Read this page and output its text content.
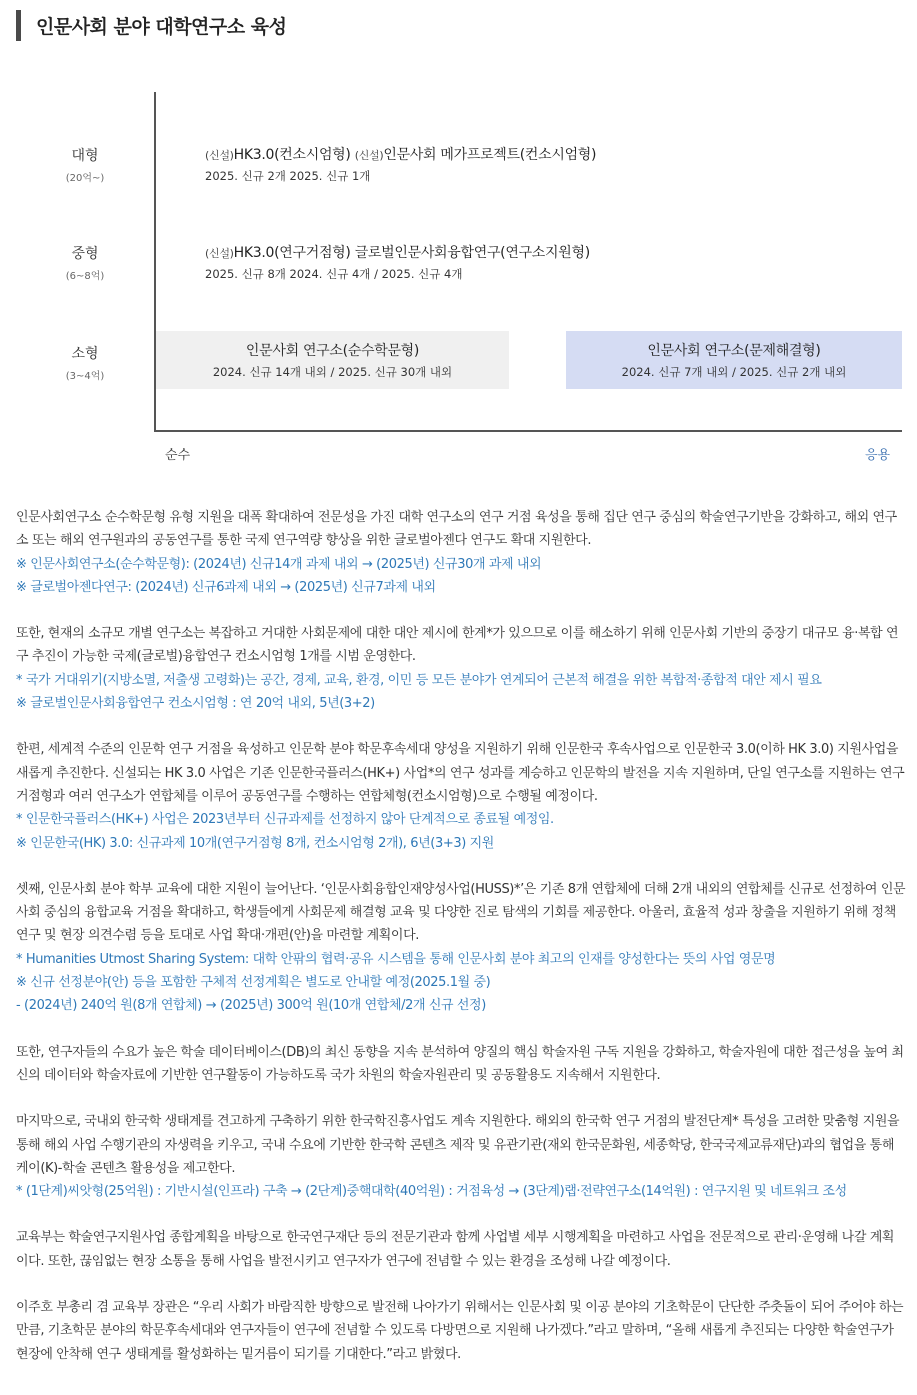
인문사회 분야 대학연구소 육성
대형
(20억~)
중형
(6~8억)
소형
(3~4억)
(신설)HK3.0(컨소시엄형) (신설)인문사회 메가프로젝트(컨소시엄형)
2025. 신규 2개 2025. 신규 1개
(신설)HK3.0(연구거점형) 글로벌인문사회융합연구(연구소지원형)
2025. 신규 8개 2024. 신규 4개 / 2025. 신규 4개
인문사회 연구소(순수학문형)
2024. 신규 14개 내외 / 2025. 신규 30개 내외
인문사회 연구소(문제해결형)
2024. 신규 7개 내외 / 2025. 신규 2개 내외
순수	응용

인문사회연구소 순수학문형 유형 지원을 대폭 확대하여 전문성을 가진 대학 연구소의 연구 거점 육성을 통해 집단 연구 중심의 학술연구기반을 강화하고, 해외 연구소 또는 해외 연구원과의 공동연구를 통한 국제 연구역량 향상을 위한 글로벌아젠다 연구도 확대 지원한다.

※ 인문사회연구소(순수학문형): (2024년) 신규14개 과제 내외 → (2025년) 신규30개 과제 내외

※ 글로벌아젠다연구: (2024년) 신규6과제 내외 → (2025년) 신규7과제 내외

또한, 현재의 소규모 개별 연구소는 복잡하고 거대한 사회문제에 대한 대안 제시에 한계*가 있으므로 이를 해소하기 위해 인문사회 기반의 중장기 대규모 융·복합 연구 추진이 가능한 국제(글로벌)융합연구 컨소시엄형 1개를 시범 운영한다.

* 국가 거대위기(지방소멸, 저출생 고령화)는 공간, 경제, 교육, 환경, 이민 등 모든 분야가 연계되어 근본적 해결을 위한 복합적·종합적 대안 제시 필요

※ 글로벌인문사회융합연구 컨소시엄형 : 연 20억 내외, 5년(3+2)

한편, 세계적 수준의 인문학 연구 거점을 육성하고 인문학 분야 학문후속세대 양성을 지원하기 위해 인문한국 후속사업으로 인문한국 3.0(이하 HK 3.0) 지원사업을 새롭게 추진한다. 신설되는 HK 3.0 사업은 기존 인문한국플러스(HK+) 사업*의 연구 성과를 계승하고 인문학의 발전을 지속 지원하며, 단일 연구소를 지원하는 연구거점형과 여러 연구소가 연합체를 이루어 공동연구를 수행하는 연합체형(컨소시엄형)으로 수행될 예정이다.

* 인문한국플러스(HK+) 사업은 2023년부터 신규과제를 선정하지 않아 단계적으로 종료될 예정임.

※ 인문한국(HK) 3.0: 신규과제 10개(연구거점형 8개, 컨소시엄형 2개), 6년(3+3) 지원

셋째, 인문사회 분야 학부 교육에 대한 지원이 늘어난다. ‘인문사회융합인재양성사업(HUSS)*’은 기존 8개 연합체에 더해 2개 내외의 연합체를 신규로 선정하여 인문사회 중심의 융합교육 거점을 확대하고, 학생들에게 사회문제 해결형 교육 및 다양한 진로 탐색의 기회를 제공한다. 아울러, 효율적 성과 창출을 지원하기 위해 정책연구 및 현장 의견수렴 등을 토대로 사업 확대·개편(안)을 마련할 계획이다.

* Humanities Utmost Sharing System: 대학 안팎의 협력·공유 시스템을 통해 인문사회 분야 최고의 인재를 양성한다는 뜻의 사업 영문명

※ 신규 선정분야(안) 등을 포함한 구체적 선정계획은 별도로 안내할 예정(2025.1월 중)

- (2024년) 240억 원(8개 연합체) → (2025년) 300억 원(10개 연합체/2개 신규 선정)

또한, 연구자들의 수요가 높은 학술 데이터베이스(DB)의 최신 동향을 지속 분석하여 양질의 핵심 학술자원 구독 지원을 강화하고, 학술자원에 대한 접근성을 높여 최신의 데이터와 학술자료에 기반한 연구활동이 가능하도록 국가 차원의 학술자원관리 및 공동활용도 지속해서 지원한다.

마지막으로, 국내외 한국학 생태계를 견고하게 구축하기 위한 한국학진흥사업도 계속 지원한다. 해외의 한국학 연구 거점의 발전단계* 특성을 고려한 맞춤형 지원을 통해 해외 사업 수행기관의 자생력을 키우고, 국내 수요에 기반한 한국학 콘텐츠 제작 및 유관기관(재외 한국문화원, 세종학당, 한국국제교류재단)과의 협업을 통해 케이(K)-학술 콘텐츠 활용성을 제고한다.

* (1단계)씨앗형(25억원) : 기반시설(인프라) 구축 → (2단계)중핵대학(40억원) : 거점육성 → (3단계)랩·전략연구소(14억원) : 연구지원 및 네트워크 조성

교육부는 학술연구지원사업 종합계획을 바탕으로 한국연구재단 등의 전문기관과 함께 사업별 세부 시행계획을 마련하고 사업을 전문적으로 관리·운영해 나갈 계획이다. 또한, 끊임없는 현장 소통을 통해 사업을 발전시키고 연구자가 연구에 전념할 수 있는 환경을 조성해 나갈 예정이다.

이주호 부총리 겸 교육부 장관은 “우리 사회가 바람직한 방향으로 발전해 나아가기 위해서는 인문사회 및 이공 분야의 기초학문이 단단한 주춧돌이 되어 주어야 하는 만큼, 기초학문 분야의 학문후속세대와 연구자들이 연구에 전념할 수 있도록 다방면으로 지원해 나가겠다.”라고 말하며, “올해 새롭게 추진되는 다양한 학술연구가 현장에 안착해 연구 생태계를 활성화하는 밑거름이 되기를 기대한다.”라고 밝혔다.
